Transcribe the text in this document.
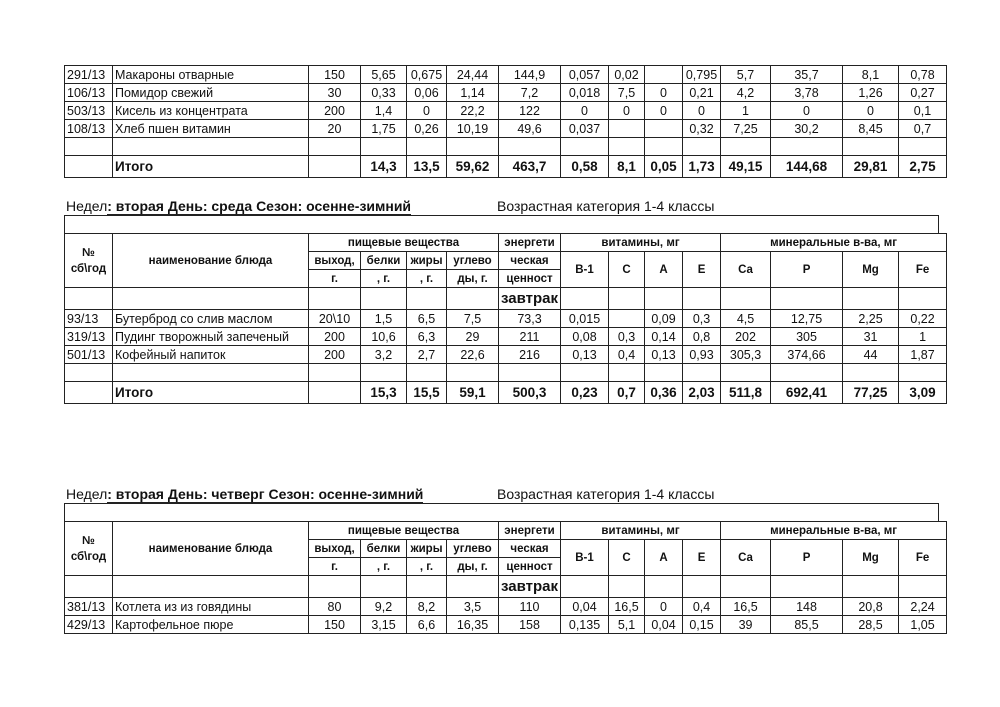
291/13	Макароны отварные	150	5,65	0,675	24,44	144,9	0,057	0,02		0,795	5,7	35,7	8,1	0,78
106/13	Помидор свежий	30	0,33	0,06	1,14	7,2	0,018	7,5	0	0,21	4,2	3,78	1,26	0,27
503/13	Кисель из концентрата	200	1,4	0	22,2	122	0	0	0	0	1	0	0	0,1
108/13	Хлеб пшен витамин	20	1,75	0,26	10,19	49,6	0,037			0,32	7,25	30,2	8,45	0,7

	Итого		14,3	13,5	59,62	463,7	0,58	8,1	0,05	1,73	49,15	144,68	29,81	2,75
Недел: вторая День: среда Сезон: осенне-зимний	Возрастная категория 1-4 классы
№
сб\год	наименование блюда	пищевые вещества				энергети	витамины, мг				минеральные в-ва, мг			
		выход,	белки	жиры	углево	ческая	В-1	С	А	Е	Са	Р	Mg	Fe
		г.	, г.	, г.	ды, г.	ценност								
						завтрак								
93/13	Бутерброд со слив маслом	20\10	1,5	6,5	7,5	73,3	0,015		0,09	0,3	4,5	12,75	2,25	0,22
319/13	Пудинг творожный запеченый	200	10,6	6,3	29	211	0,08	0,3	0,14	0,8	202	305	31	1
501/13	Кофейный напиток	200	3,2	2,7	22,6	216	0,13	0,4	0,13	0,93	305,3	374,66	44	1,87

	Итого		15,3	15,5	59,1	500,3	0,23	0,7	0,36	2,03	511,8	692,41	77,25	3,09
Недел: вторая День: четверг Сезон: осенне-зимний	Возрастная категория 1-4 классы
№
сб\год	наименование блюда	пищевые вещества				энергети	витамины, мг				минеральные в-ва, мг			
		выход,	белки	жиры	углево	ческая	В-1	С	А	Е	Са	Р	Mg	Fe
		г.	, г.	, г.	ды, г.	ценност								
						завтрак								
381/13	Котлета из из говядины	80	9,2	8,2	3,5	110	0,04	16,5	0	0,4	16,5	148	20,8	2,24
429/13	Картофельное пюре	150	3,15	6,6	16,35	158	0,135	5,1	0,04	0,15	39	85,5	28,5	1,05
